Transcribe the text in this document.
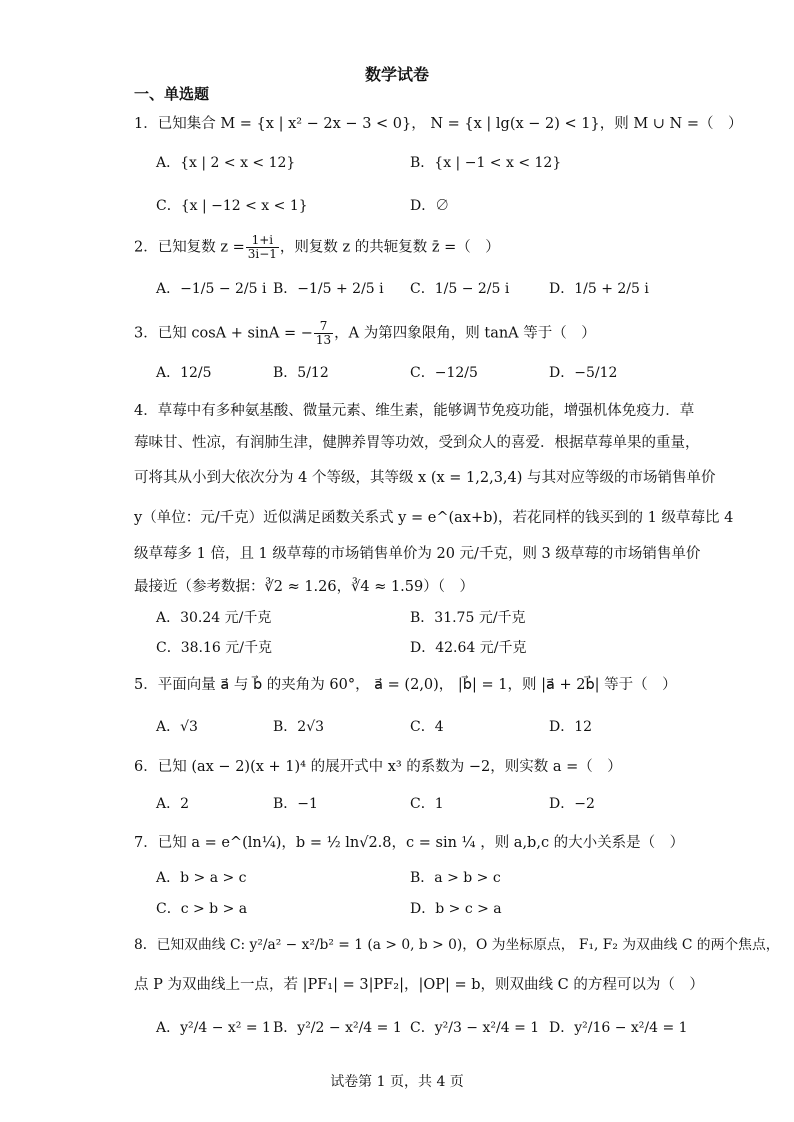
数学试卷
一、单选题
1．已知集合 M = {x | x² − 2x − 3 < 0}， N = {x | lg(x − 2) < 1}，则 M ∪ N =（　）
A．{x | 2 < x < 12}	B．{x | −1 < x < 12}
C．{x | −12 < x < 1}	D．∅
2．已知复数 $z = \frac{1+i}{3i-1}$ ，则复数 z 的共轭复数 z̄ =（　）
A．−1/5 − 2/5 i B．−1/5 + 2/5 i C．1/5 − 2/5 i	D．1/5 + 2/5 i
3．已知 cosA + sinA = − $\frac{7}{13}$ ，A 为第四象限角，则 tanA 等于（　）
A．12/5	B．5/12	C．−12/5	D．−5/12
4．草莓中有多种氨基酸、微量元素、维生素，能够调节免疫功能，增强机体免疫力．草
莓味甘、性凉，有润肺生津，健脾养胃等功效，受到众人的喜爱．根据草莓单果的重量，
可将其从小到大依次分为 4 个等级，其等级 x (x = 1,2,3,4) 与其对应等级的市场销售单价
y（单位：元/千克）近似满足函数关系式 y = e^(ax+b)，若花同样的钱买到的 1 级草莓比 4
级草莓多 1 倍，且 1 级草莓的市场销售单价为 20 元/千克，则 3 级草莓的市场销售单价
最接近（参考数据：∛2 ≈ 1.26，∛4 ≈ 1.59）（　）
A．30.24 元/千克	B．31.75 元/千克
C．38.16 元/千克	D．42.64 元/千克
5．平面向量 a⃗ 与 b⃗ 的夹角为 60°， a⃗ = (2,0)， |b⃗| = 1，则 |a⃗ + 2b⃗| 等于（　）
A．√3	B．2√3	C．4	D．12
6．已知 (ax − 2)(x + 1)⁴ 的展开式中 x³ 的系数为 −2，则实数 a =（　）
A．2	B．−1	C．1	D．−2
7．已知 a = e^(ln¼)，b = ½ ln√2.8，c = sin ¼ ，则 a,b,c 的大小关系是（　）
A．b > a > c	B．a > b > c
C．c > b > a	D．b > c > a
8．已知双曲线 C: y²/a² − x²/b² = 1 (a > 0, b > 0)，O 为坐标原点， F₁, F₂ 为双曲线 C 的两个焦点，
点 P 为双曲线上一点，若 |PF₁| = 3|PF₂|，|OP| = b，则双曲线 C 的方程可以为（　）
A．y²/4 − x² = 1 B．y²/2 − x²/4 = 1 C．y²/3 − x²/4 = 1 D．y²/16 − x²/4 = 1
试卷第 1 页，共 4 页
